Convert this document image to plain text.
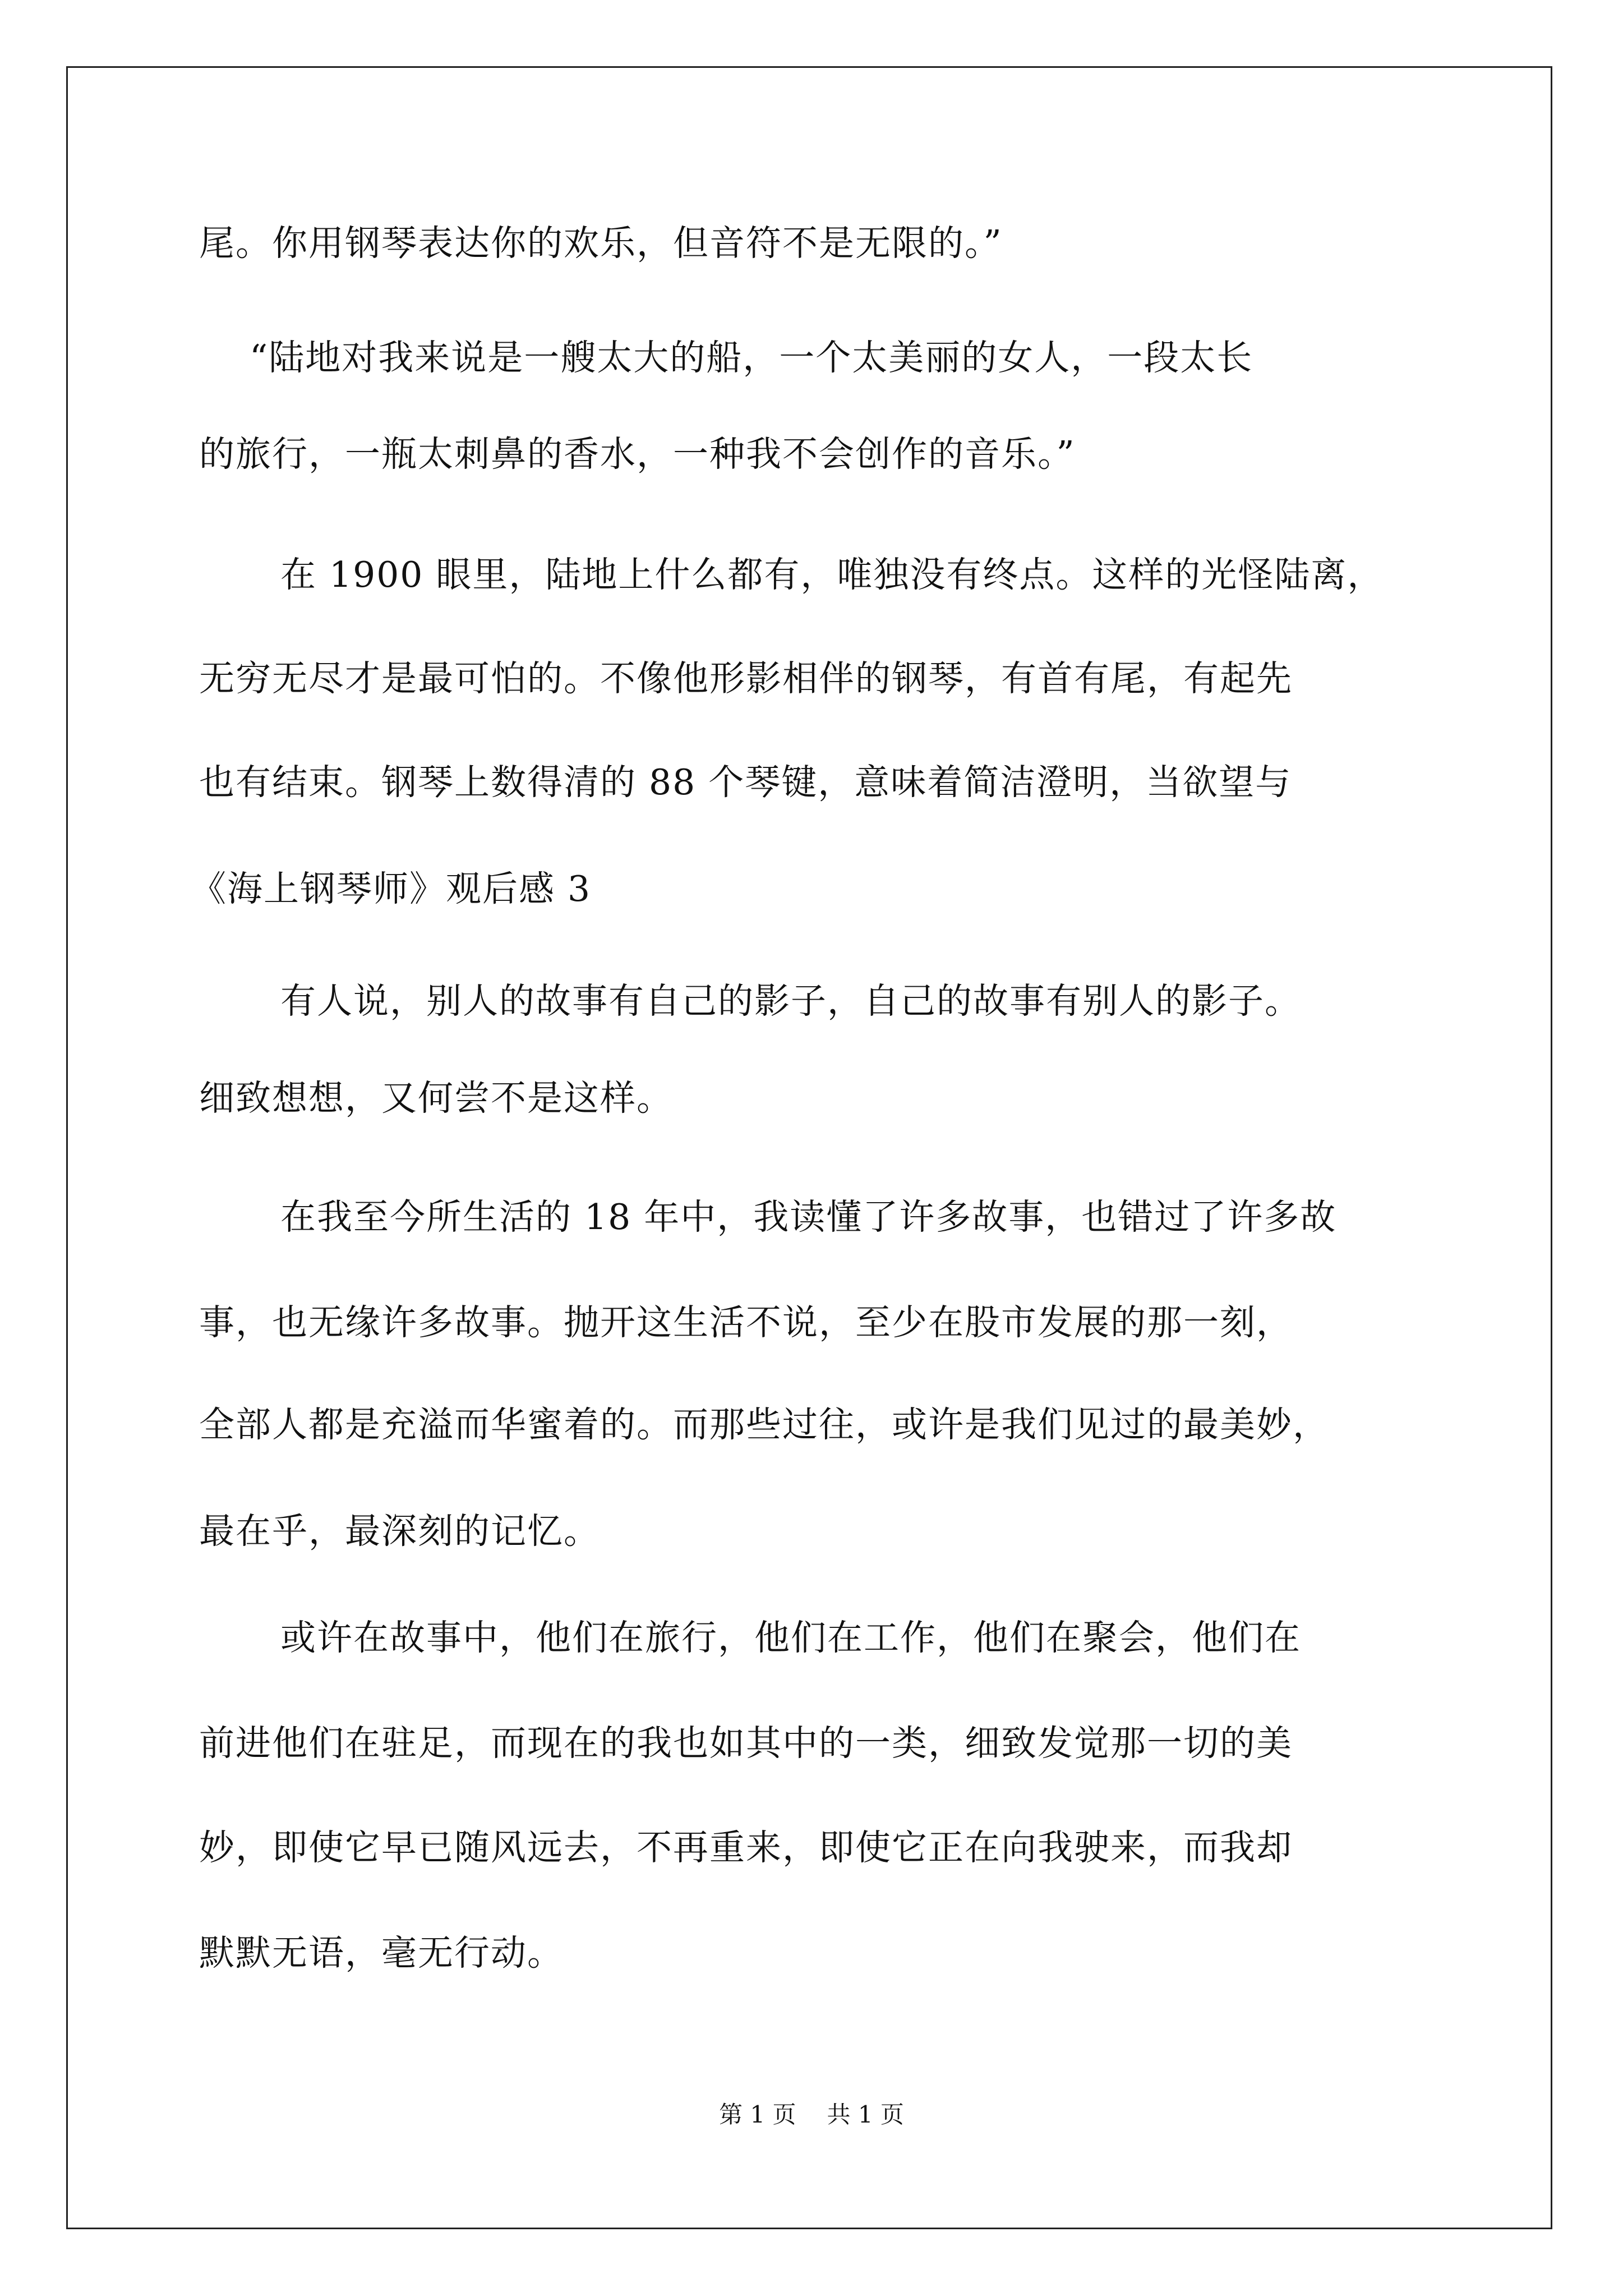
尾。你用钢琴表达你的欢乐，但音符不是无限的。”
“陆地对我来说是一艘太大的船，一个太美丽的女人，一段太长
的旅行，一瓶太刺鼻的香水，一种我不会创作的音乐。”
在 1900 眼里，陆地上什么都有，唯独没有终点。这样的光怪陆离，
无穷无尽才是最可怕的。不像他形影相伴的钢琴，有首有尾，有起先
也有结束。钢琴上数得清的 88 个琴键，意味着简洁澄明，当欲望与
《海上钢琴师》观后感 3
有人说，别人的故事有自己的影子，自己的故事有别人的影子。
细致想想，又何尝不是这样。
在我至今所生活的 18 年中，我读懂了许多故事，也错过了许多故
事，也无缘许多故事。抛开这生活不说，至少在股市发展的那一刻，
全部人都是充溢而华蜜着的。而那些过往，或许是我们见过的最美妙，
最在乎，最深刻的记忆。
或许在故事中，他们在旅行，他们在工作，他们在聚会，他们在
前进他们在驻足，而现在的我也如其中的一类，细致发觉那一切的美
妙，即使它早已随风远去，不再重来，即使它正在向我驶来，而我却
默默无语，毫无行动。
第 1 页 共 1 页
